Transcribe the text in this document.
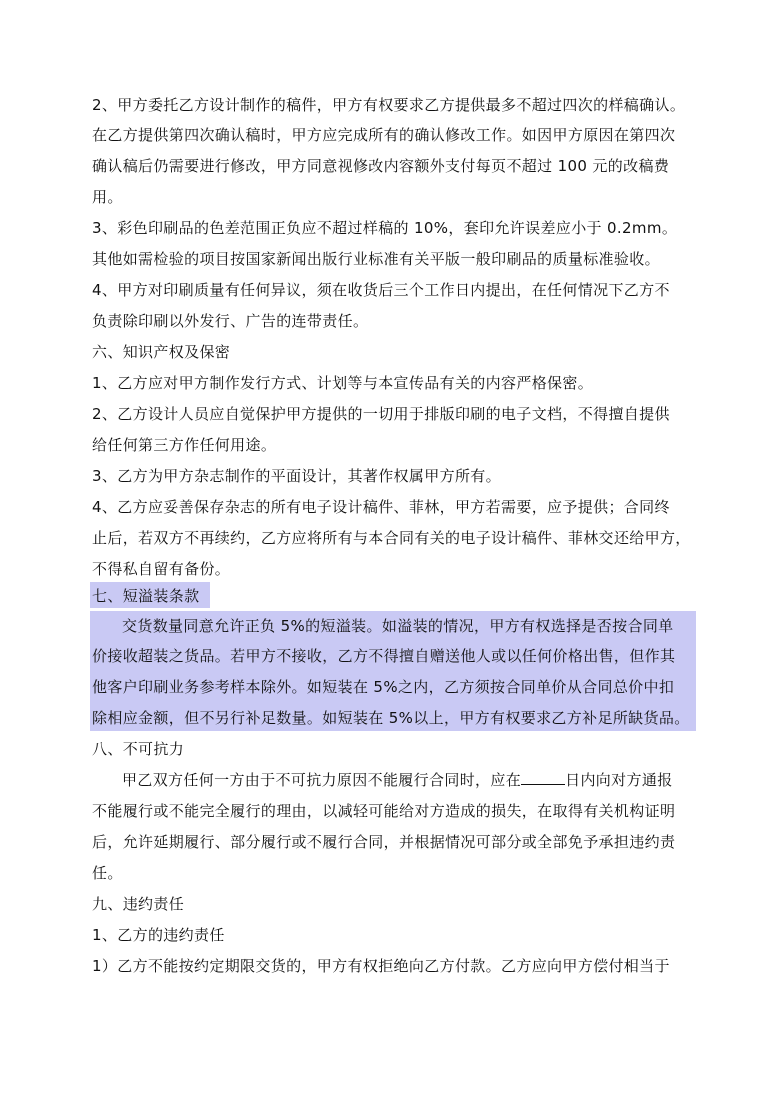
2、甲方委托乙方设计制作的稿件，甲方有权要求乙方提供最多不超过四次的样稿确认。
在乙方提供第四次确认稿时，甲方应完成所有的确认修改工作。如因甲方原因在第四次
确认稿后仍需要进行修改，甲方同意视修改内容额外支付每页不超过 100 元的改稿费
用。
3、彩色印刷品的色差范围正负应不超过样稿的 10%，套印允许误差应小于 0.2mm。
其他如需检验的项目按国家新闻出版行业标准有关平版一般印刷品的质量标准验收。
4、甲方对印刷质量有任何异议，须在收货后三个工作日内提出，在任何情况下乙方不
负责除印刷以外发行、广告的连带责任。
六、知识产权及保密
1、乙方应对甲方制作发行方式、计划等与本宣传品有关的内容严格保密。
2、乙方设计人员应自觉保护甲方提供的一切用于排版印刷的电子文档，不得擅自提供
给任何第三方作任何用途。
3、乙方为甲方杂志制作的平面设计，其著作权属甲方所有。
4、乙方应妥善保存杂志的所有电子设计稿件、菲林，甲方若需要，应予提供；合同终
止后，若双方不再续约，乙方应将所有与本合同有关的电子设计稿件、菲林交还给甲方，
不得私自留有备份。
七、短溢装条款
交货数量同意允许正负 5%的短溢装。如溢装的情况，甲方有权选择是否按合同单
价接收超装之货品。若甲方不接收，乙方不得擅自赠送他人或以任何价格出售，但作其
他客户印刷业务参考样本除外。如短装在 5%之内，乙方须按合同单价从合同总价中扣
除相应金额，但不另行补足数量。如短装在 5%以上，甲方有权要求乙方补足所缺货品。
八、不可抗力
甲乙双方任何一方由于不可抗力原因不能履行合同时，应在	日内向对方通报
不能履行或不能完全履行的理由，以减轻可能给对方造成的损失，在取得有关机构证明
后，允许延期履行、部分履行或不履行合同，并根据情况可部分或全部免予承担违约责
任。
九、违约责任
1、乙方的违约责任
1）乙方不能按约定期限交货的，甲方有权拒绝向乙方付款。乙方应向甲方偿付相当于
